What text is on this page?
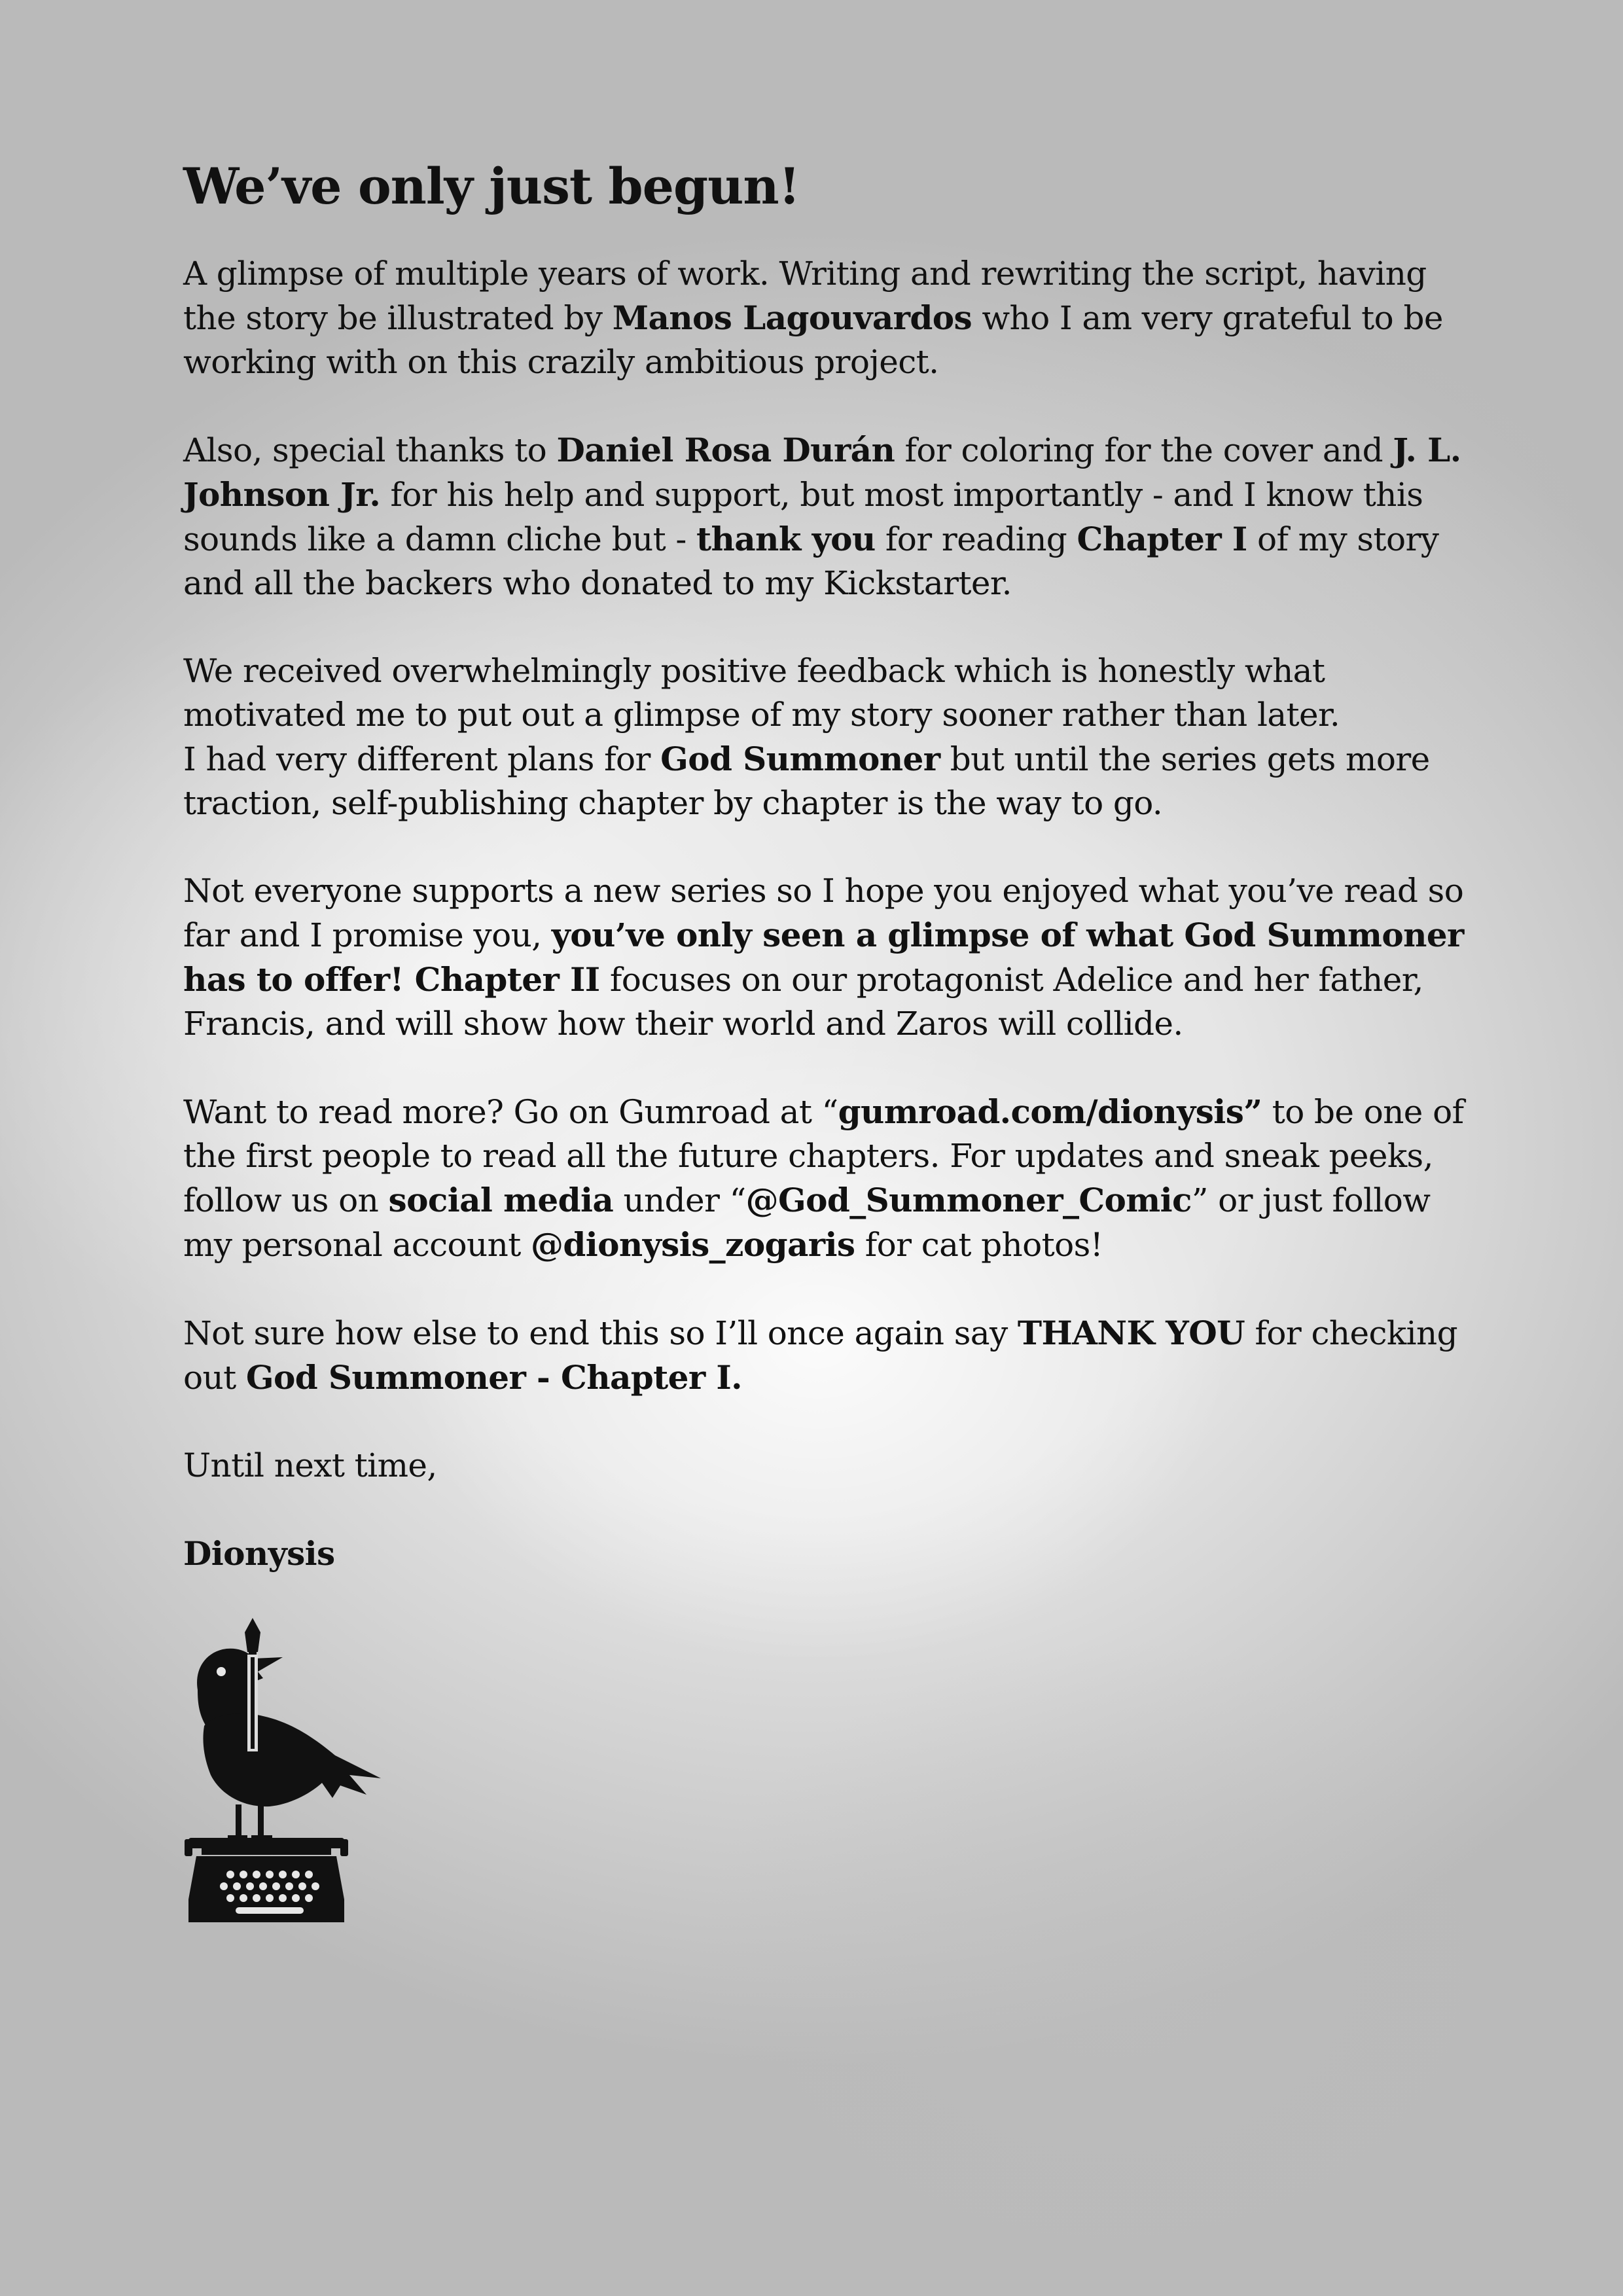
We’ve only just begun!

A glimpse of multiple years of work. Writing and rewriting the script, having the story be illustrated by Manos Lagouvardos who I am very grateful to be working with on this crazily ambitious project.

Also, special thanks to Daniel Rosa Durán for coloring for the cover and J. L. Johnson Jr. for his help and support, but most importantly - and I know this sounds like a damn cliche but - thank you for reading Chapter I of my story and all the backers who donated to my Kickstarter.

We received overwhelmingly positive feedback which is honestly what motivated me to put out a glimpse of my story sooner rather than later.
I had very different plans for God Summoner but until the series gets more traction, self-publishing chapter by chapter is the way to go.

Not everyone supports a new series so I hope you enjoyed what you’ve read so far and I promise you, you’ve only seen a glimpse of what God Summoner has to offer! Chapter II focuses on our protagonist Adelice and her father, Francis, and will show how their world and Zaros will collide.

Want to read more? Go on Gumroad at “gumroad.com/dionysis” to be one of the first people to read all the future chapters. For updates and sneak peeks, follow us on social media under “@God_Summoner_Comic” or just follow my personal account @dionysis_zogaris for cat photos!

Not sure how else to end this so I’ll once again say THANK YOU for checking out God Summoner - Chapter I.

Until next time,

Dionysis
